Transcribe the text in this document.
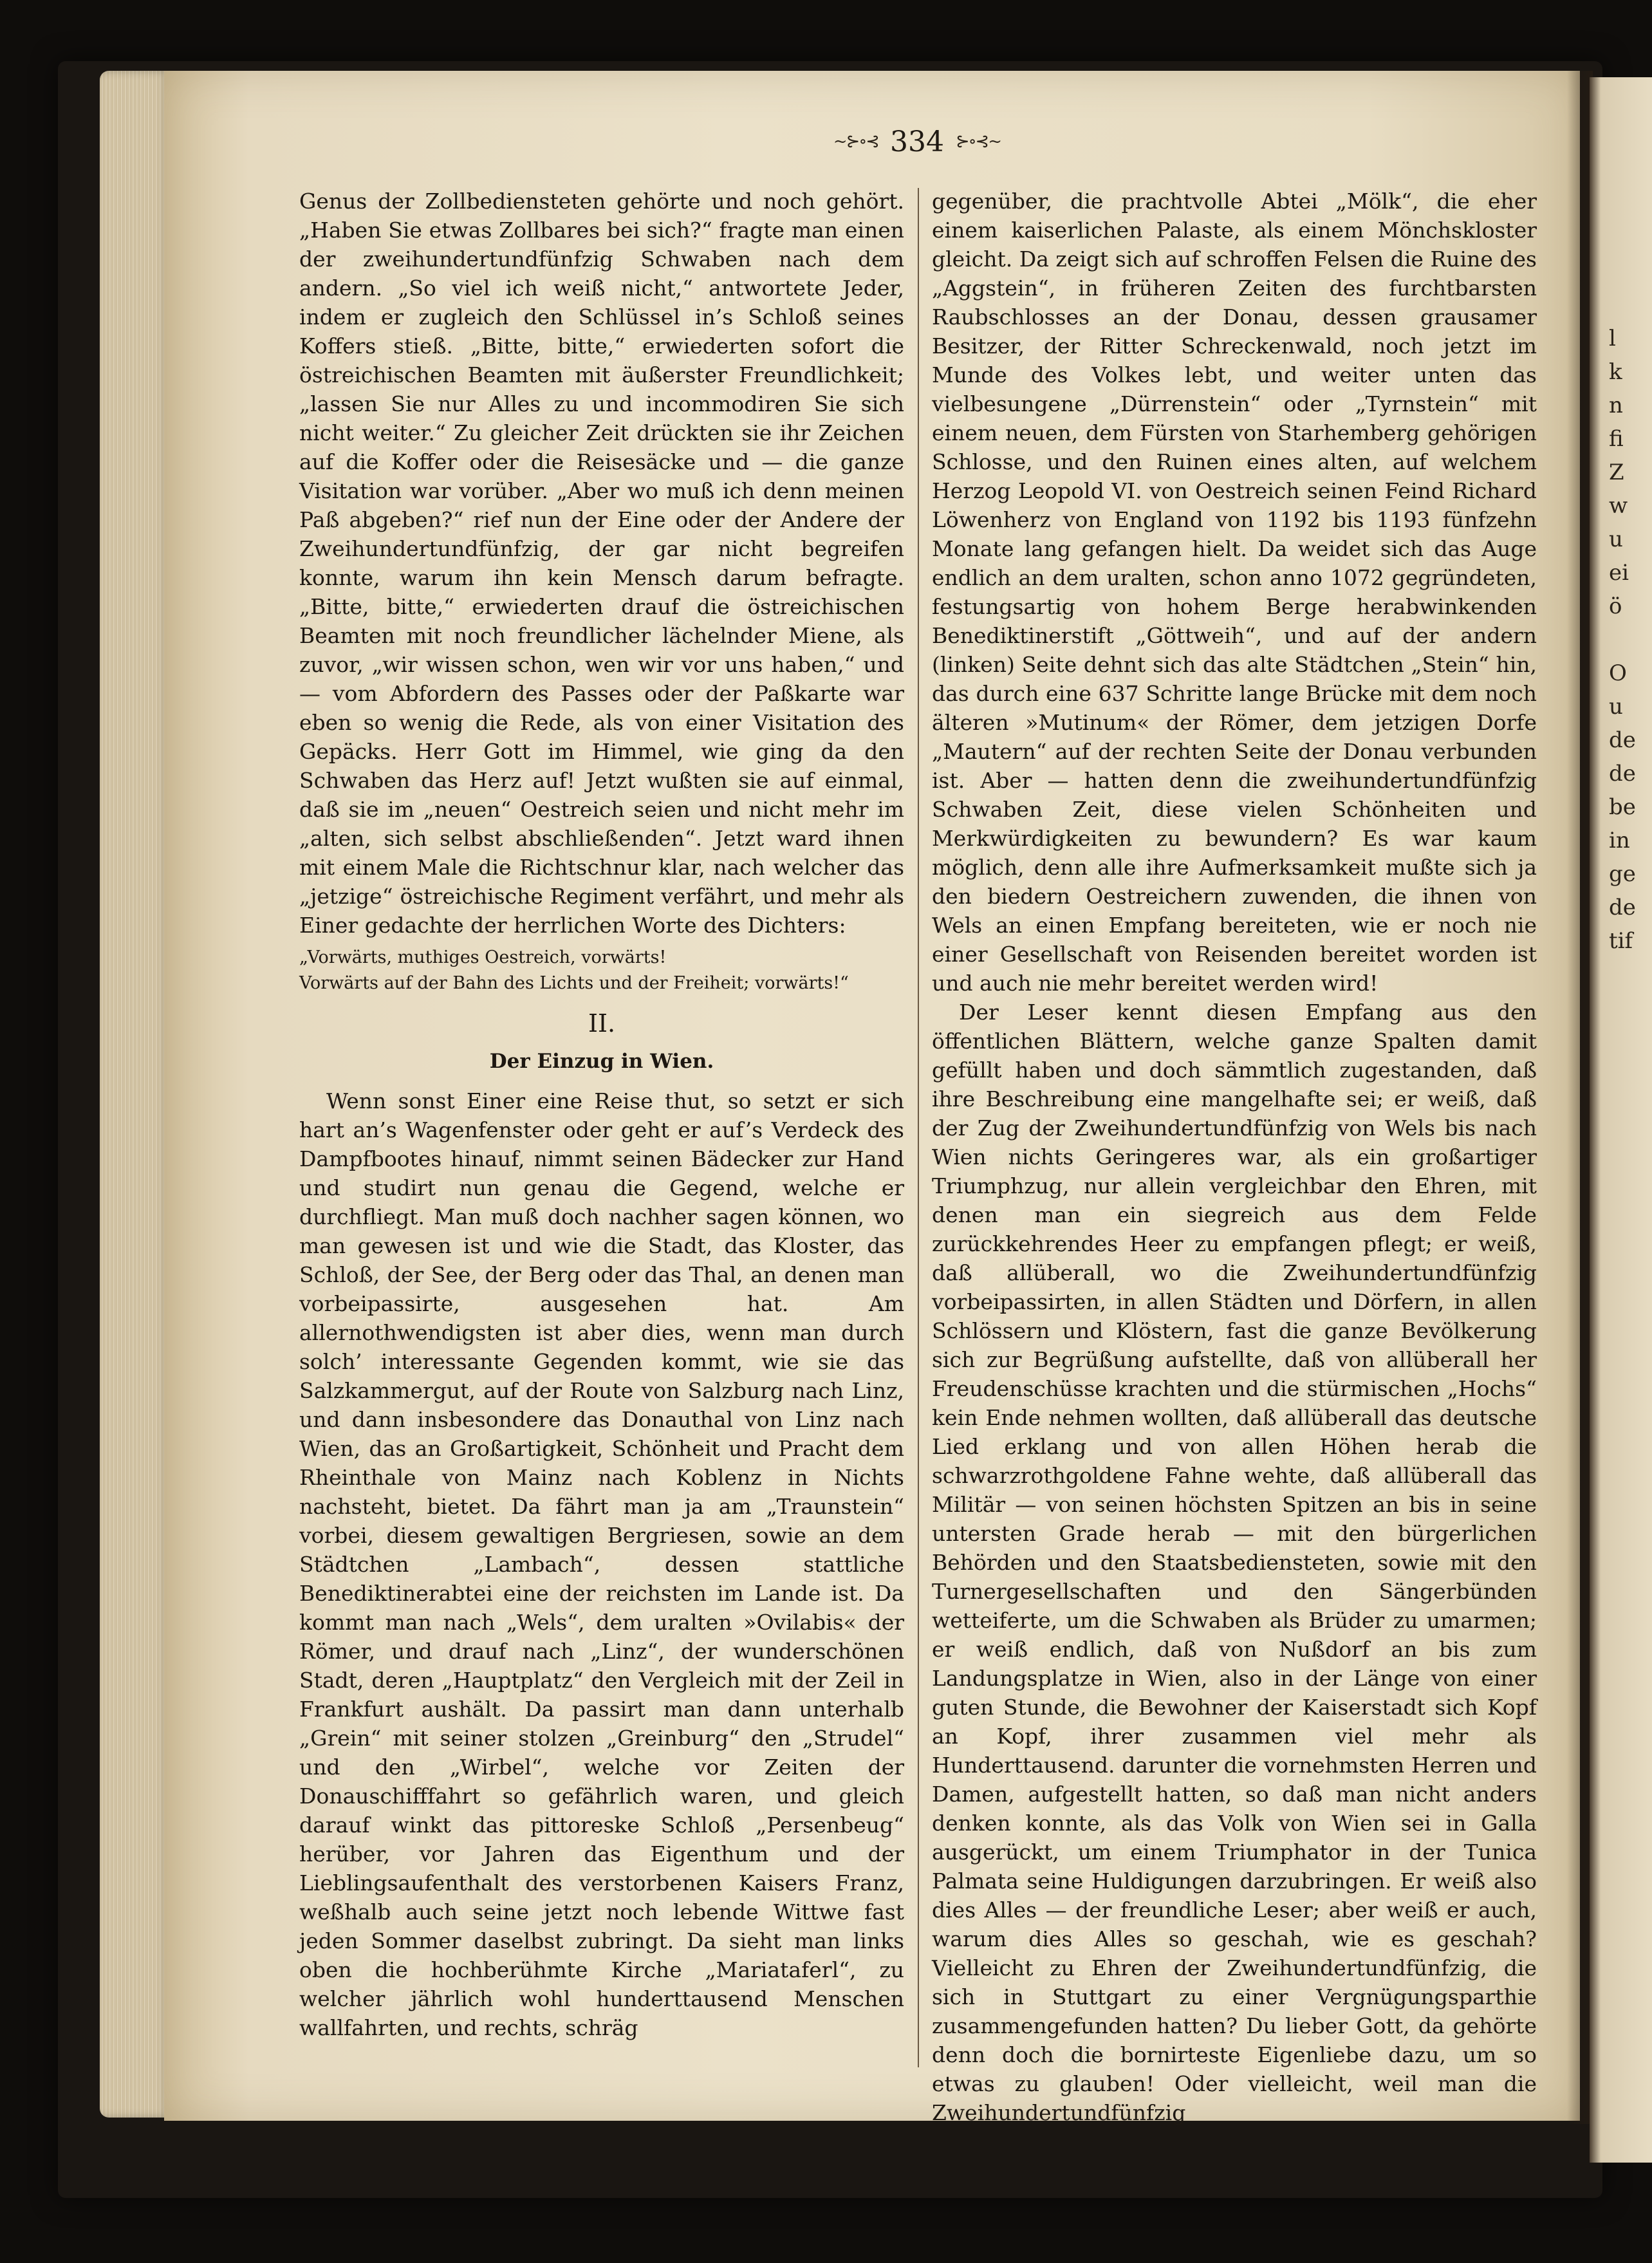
l
k
n
fi
Z
w
u
ei
ö

O
u
de
de
be
in
ge
de
tif
~⊱∘⊰ 334 ⊱∘⊰~

Genus der Zollbediensteten gehörte und noch gehört. „Haben Sie etwas Zollbares bei sich?“ fragte man einen der zweihundertundfünfzig Schwaben nach dem andern. „So viel ich weiß nicht,“ antwortete Jeder, indem er zugleich den Schlüssel in’s Schloß seines Koffers stieß. „Bitte, bitte,“ erwiederten sofort die östreichischen Beamten mit äußerster Freundlichkeit; „lassen Sie nur Alles zu und incommodiren Sie sich nicht weiter.“ Zu gleicher Zeit drückten sie ihr Zeichen auf die Koffer oder die Reisesäcke und — die ganze Visitation war vorüber. „Aber wo muß ich denn meinen Paß abgeben?“ rief nun der Eine oder der Andere der Zweihundertundfünfzig, der gar nicht begreifen konnte, warum ihn kein Mensch darum befragte. „Bitte, bitte,“ erwiederten drauf die östreichischen Beamten mit noch freundlicher lächelnder Miene, als zuvor, „wir wissen schon, wen wir vor uns haben,“ und — vom Abfordern des Passes oder der Paßkarte war eben so wenig die Rede, als von einer Visitation des Gepäcks. Herr Gott im Himmel, wie ging da den Schwaben das Herz auf! Jetzt wußten sie auf einmal, daß sie im „neuen“ Oestreich seien und nicht mehr im „alten, sich selbst abschließenden“. Jetzt ward ihnen mit einem Male die Richtschnur klar, nach welcher das „jetzige“ östreichische Regiment verfährt, und mehr als Einer gedachte der herrlichen Worte des Dichters:

„Vorwärts, muthiges Oestreich, vorwärts!
Vorwärts auf der Bahn des Lichts und der Freiheit; vorwärts!“
II.
Der Einzug in Wien.

Wenn sonst Einer eine Reise thut, so setzt er sich hart an’s Wagenfenster oder geht er auf’s Verdeck des Dampfbootes hinauf, nimmt seinen Bädecker zur Hand und studirt nun genau die Gegend, welche er durchfliegt. Man muß doch nachher sagen können, wo man gewesen ist und wie die Stadt, das Kloster, das Schloß, der See, der Berg oder das Thal, an denen man vorbeipassirte, ausgesehen hat. Am allernothwendigsten ist aber dies, wenn man durch solch’ interessante Gegenden kommt, wie sie das Salzkammergut, auf der Route von Salzburg nach Linz, und dann insbesondere das Donauthal von Linz nach Wien, das an Großartigkeit, Schönheit und Pracht dem Rheinthale von Mainz nach Koblenz in Nichts nachsteht, bietet. Da fährt man ja am „Traunstein“ vorbei, diesem gewaltigen Bergriesen, sowie an dem Städtchen „Lambach“, dessen stattliche Benediktinerabtei eine der reichsten im Lande ist. Da kommt man nach „Wels“, dem uralten »Ovilabis« der Römer, und drauf nach „Linz“, der wunderschönen Stadt, deren „Hauptplatz“ den Vergleich mit der Zeil in Frankfurt aushält. Da passirt man dann unterhalb „Grein“ mit seiner stolzen „Greinburg“ den „Strudel“ und den „Wirbel“, welche vor Zeiten der Donauschifffahrt so gefährlich waren, und gleich darauf winkt das pittoreske Schloß „Persenbeug“ herüber, vor Jahren das Eigenthum und der Lieblingsaufenthalt des verstorbenen Kaisers Franz, weßhalb auch seine jetzt noch lebende Wittwe fast jeden Sommer daselbst zubringt. Da sieht man links oben die hochberühmte Kirche „Mariataferl“, zu welcher jährlich wohl hunderttausend Menschen wallfahrten, und rechts, schräg

gegenüber, die prachtvolle Abtei „Mölk“, die eher einem kaiserlichen Palaste, als einem Mönchskloster gleicht. Da zeigt sich auf schroffen Felsen die Ruine des „Aggstein“, in früheren Zeiten des furchtbarsten Raubschlosses an der Donau, dessen grausamer Besitzer, der Ritter Schreckenwald, noch jetzt im Munde des Volkes lebt, und weiter unten das vielbesungene „Dürrenstein“ oder „Tyrnstein“ mit einem neuen, dem Fürsten von Starhemberg gehörigen Schlosse, und den Ruinen eines alten, auf welchem Herzog Leopold VI. von Oestreich seinen Feind Richard Löwenherz von England von 1192 bis 1193 fünfzehn Monate lang gefangen hielt. Da weidet sich das Auge endlich an dem uralten, schon anno 1072 gegründeten, festungsartig von hohem Berge herabwinkenden Benediktinerstift „Göttweih“, und auf der andern (linken) Seite dehnt sich das alte Städtchen „Stein“ hin, das durch eine 637 Schritte lange Brücke mit dem noch älteren »Mutinum« der Römer, dem jetzigen Dorfe „Mautern“ auf der rechten Seite der Donau verbunden ist. Aber — hatten denn die zweihundertundfünfzig Schwaben Zeit, diese vielen Schönheiten und Merkwürdigkeiten zu bewundern? Es war kaum möglich, denn alle ihre Aufmerksamkeit mußte sich ja den biedern Oestreichern zuwenden, die ihnen von Wels an einen Empfang bereiteten, wie er noch nie einer Gesellschaft von Reisenden bereitet worden ist und auch nie mehr bereitet werden wird!

Der Leser kennt diesen Empfang aus den öffentlichen Blättern, welche ganze Spalten damit gefüllt haben und doch sämmtlich zugestanden, daß ihre Beschreibung eine mangelhafte sei; er weiß, daß der Zug der Zweihundertundfünfzig von Wels bis nach Wien nichts Geringeres war, als ein großartiger Triumphzug, nur allein vergleichbar den Ehren, mit denen man ein siegreich aus dem Felde zurückkehrendes Heer zu empfangen pflegt; er weiß, daß allüberall, wo die Zweihundertundfünfzig vorbeipassirten, in allen Städten und Dörfern, in allen Schlössern und Klöstern, fast die ganze Bevölkerung sich zur Begrüßung aufstellte, daß von allüberall her Freudenschüsse krachten und die stürmischen „Hochs“ kein Ende nehmen wollten, daß allüberall das deutsche Lied erklang und von allen Höhen herab die schwarzrothgoldene Fahne wehte, daß allüberall das Militär — von seinen höchsten Spitzen an bis in seine untersten Grade herab — mit den bürgerlichen Behörden und den Staatsbediensteten, sowie mit den Turnergesellschaften und den Sängerbünden wetteiferte, um die Schwaben als Brüder zu umarmen; er weiß endlich, daß von Nußdorf an bis zum Landungsplatze in Wien, also in der Länge von einer guten Stunde, die Bewohner der Kaiserstadt sich Kopf an Kopf, ihrer zusammen viel mehr als Hunderttausend. darunter die vornehmsten Herren und Damen, aufgestellt hatten, so daß man nicht anders denken konnte, als das Volk von Wien sei in Galla ausgerückt, um einem Triumphator in der Tunica Palmata seine Huldigungen darzubringen. Er weiß also dies Alles — der freundliche Leser; aber weiß er auch, warum dies Alles so geschah, wie es geschah? Vielleicht zu Ehren der Zweihundertundfünfzig, die sich in Stuttgart zu einer Vergnügungsparthie zusammengefunden hatten? Du lieber Gott, da gehörte denn doch die bornirteste Eigenliebe dazu, um so etwas zu glauben! Oder vielleicht, weil man die Zweihundertundfünfzig
